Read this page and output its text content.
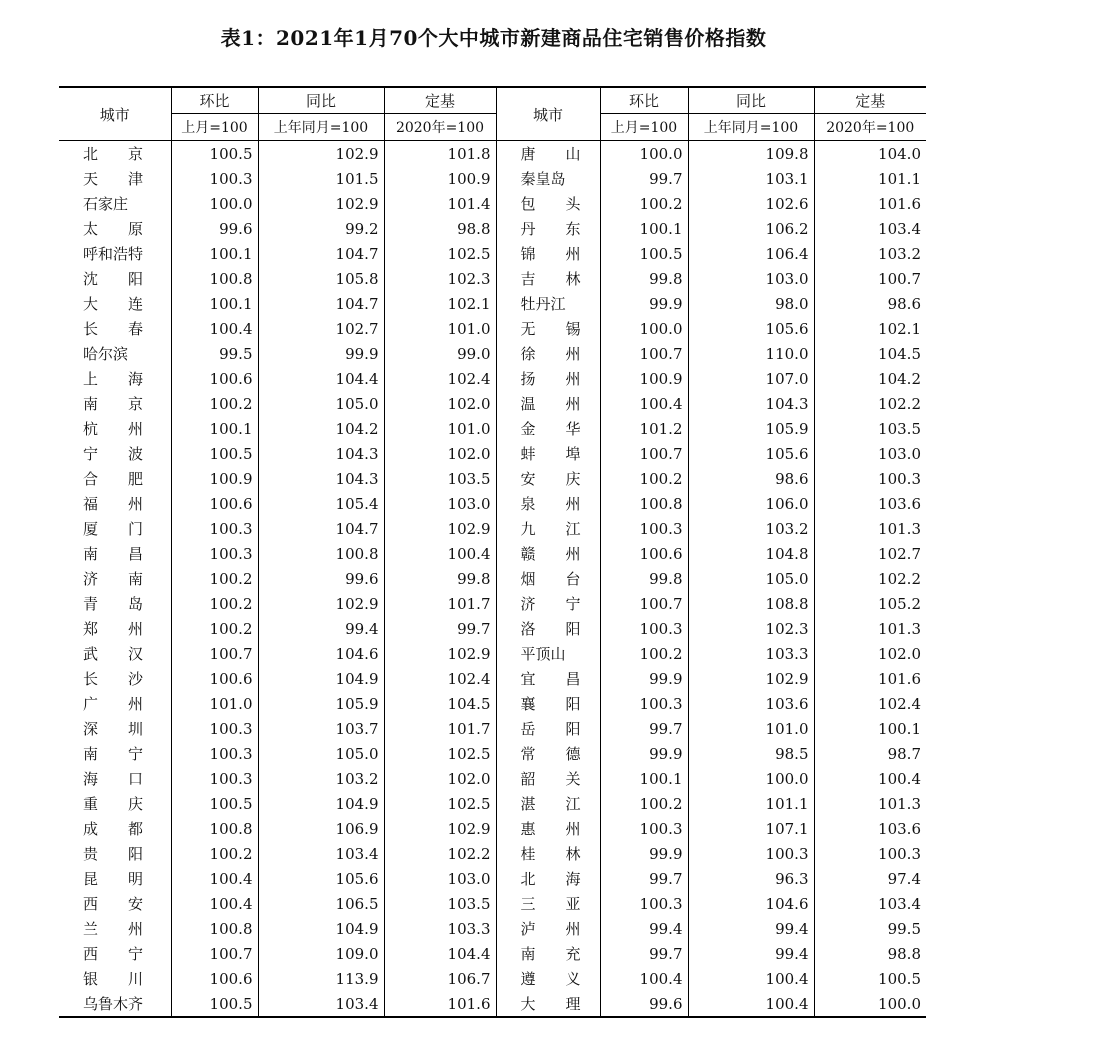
表1：2021年1月70个大中城市新建商品住宅销售价格指数
城市	环比	同比	定基	城市	环比	同比	定基
	上月=100	上年同月=100	2020年=100		上月=100	上年同月=100	2020年=100
北　　京	100.5	102.9	101.8	唐　　山	100.0	109.8	104.0
天　　津	100.3	101.5	100.9	秦皇岛	99.7	103.1	101.1
石家庄	100.0	102.9	101.4	包　　头	100.2	102.6	101.6
太　　原	99.6	99.2	98.8	丹　　东	100.1	106.2	103.4
呼和浩特	100.1	104.7	102.5	锦　　州	100.5	106.4	103.2
沈　　阳	100.8	105.8	102.3	吉　　林	99.8	103.0	100.7
大　　连	100.1	104.7	102.1	牡丹江	99.9	98.0	98.6
长　　春	100.4	102.7	101.0	无　　锡	100.0	105.6	102.1
哈尔滨	99.5	99.9	99.0	徐　　州	100.7	110.0	104.5
上　　海	100.6	104.4	102.4	扬　　州	100.9	107.0	104.2
南　　京	100.2	105.0	102.0	温　　州	100.4	104.3	102.2
杭　　州	100.1	104.2	101.0	金　　华	101.2	105.9	103.5
宁　　波	100.5	104.3	102.0	蚌　　埠	100.7	105.6	103.0
合　　肥	100.9	104.3	103.5	安　　庆	100.2	98.6	100.3
福　　州	100.6	105.4	103.0	泉　　州	100.8	106.0	103.6
厦　　门	100.3	104.7	102.9	九　　江	100.3	103.2	101.3
南　　昌	100.3	100.8	100.4	赣　　州	100.6	104.8	102.7
济　　南	100.2	99.6	99.8	烟　　台	99.8	105.0	102.2
青　　岛	100.2	102.9	101.7	济　　宁	100.7	108.8	105.2
郑　　州	100.2	99.4	99.7	洛　　阳	100.3	102.3	101.3
武　　汉	100.7	104.6	102.9	平顶山	100.2	103.3	102.0
长　　沙	100.6	104.9	102.4	宜　　昌	99.9	102.9	101.6
广　　州	101.0	105.9	104.5	襄　　阳	100.3	103.6	102.4
深　　圳	100.3	103.7	101.7	岳　　阳	99.7	101.0	100.1
南　　宁	100.3	105.0	102.5	常　　德	99.9	98.5	98.7
海　　口	100.3	103.2	102.0	韶　　关	100.1	100.0	100.4
重　　庆	100.5	104.9	102.5	湛　　江	100.2	101.1	101.3
成　　都	100.8	106.9	102.9	惠　　州	100.3	107.1	103.6
贵　　阳	100.2	103.4	102.2	桂　　林	99.9	100.3	100.3
昆　　明	100.4	105.6	103.0	北　　海	99.7	96.3	97.4
西　　安	100.4	106.5	103.5	三　　亚	100.3	104.6	103.4
兰　　州	100.8	104.9	103.3	泸　　州	99.4	99.4	99.5
西　　宁	100.7	109.0	104.4	南　　充	99.7	99.4	98.8
银　　川	100.6	113.9	106.7	遵　　义	100.4	100.4	100.5
乌鲁木齐	100.5	103.4	101.6	大　　理	99.6	100.4	100.0
